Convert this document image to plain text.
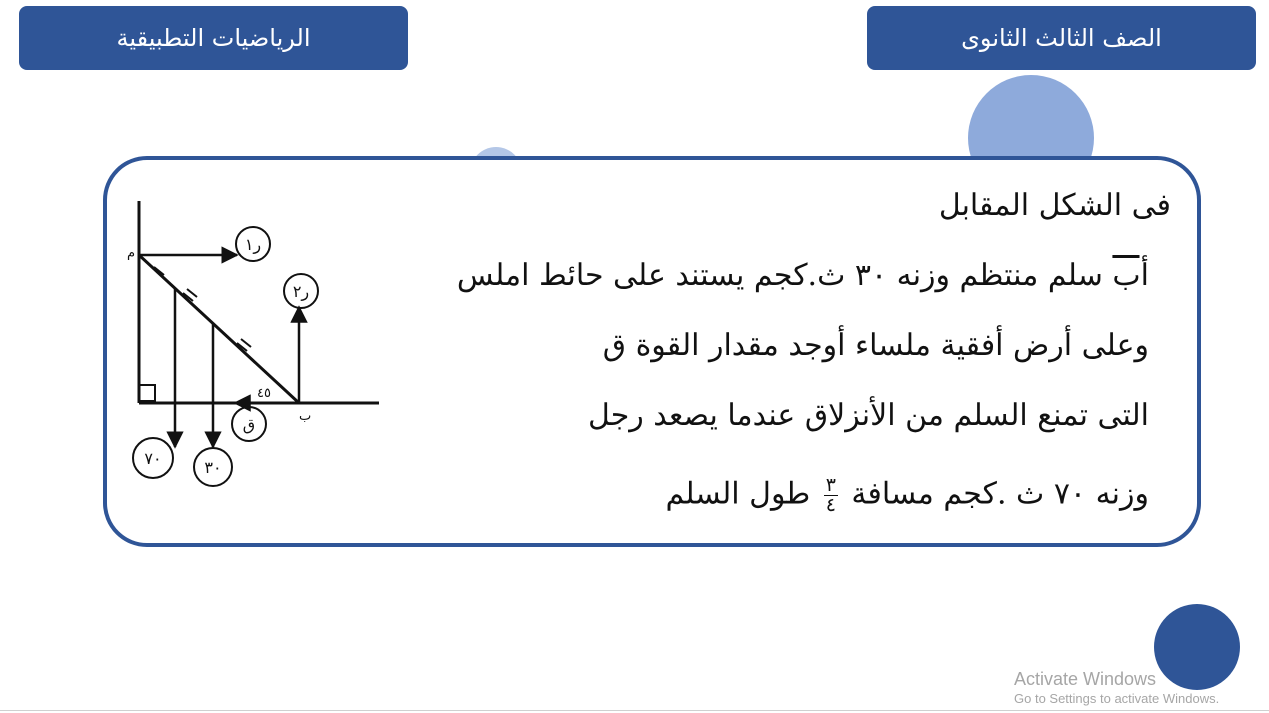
الرياضيات التطبيقية	الصف الثالث الثانوى
فى الشكل المقابل
أب سلم منتظم وزنه ٣٠ ث.كجم يستند على حائط املس
وعلى أرض أفقية ملساء أوجد مقدار القوة ق
التى تمنع السلم من الأنزلاق عندما يصعد رجل
وزنه ٧٠ ث .كجم مسافة
$\frac{٣}{٤}$
طول السلم
ر١
ر٢
ق
٧٠	٣٠
م
ب
٤٥
Activate Windows
Go to Settings to activate Windows.
